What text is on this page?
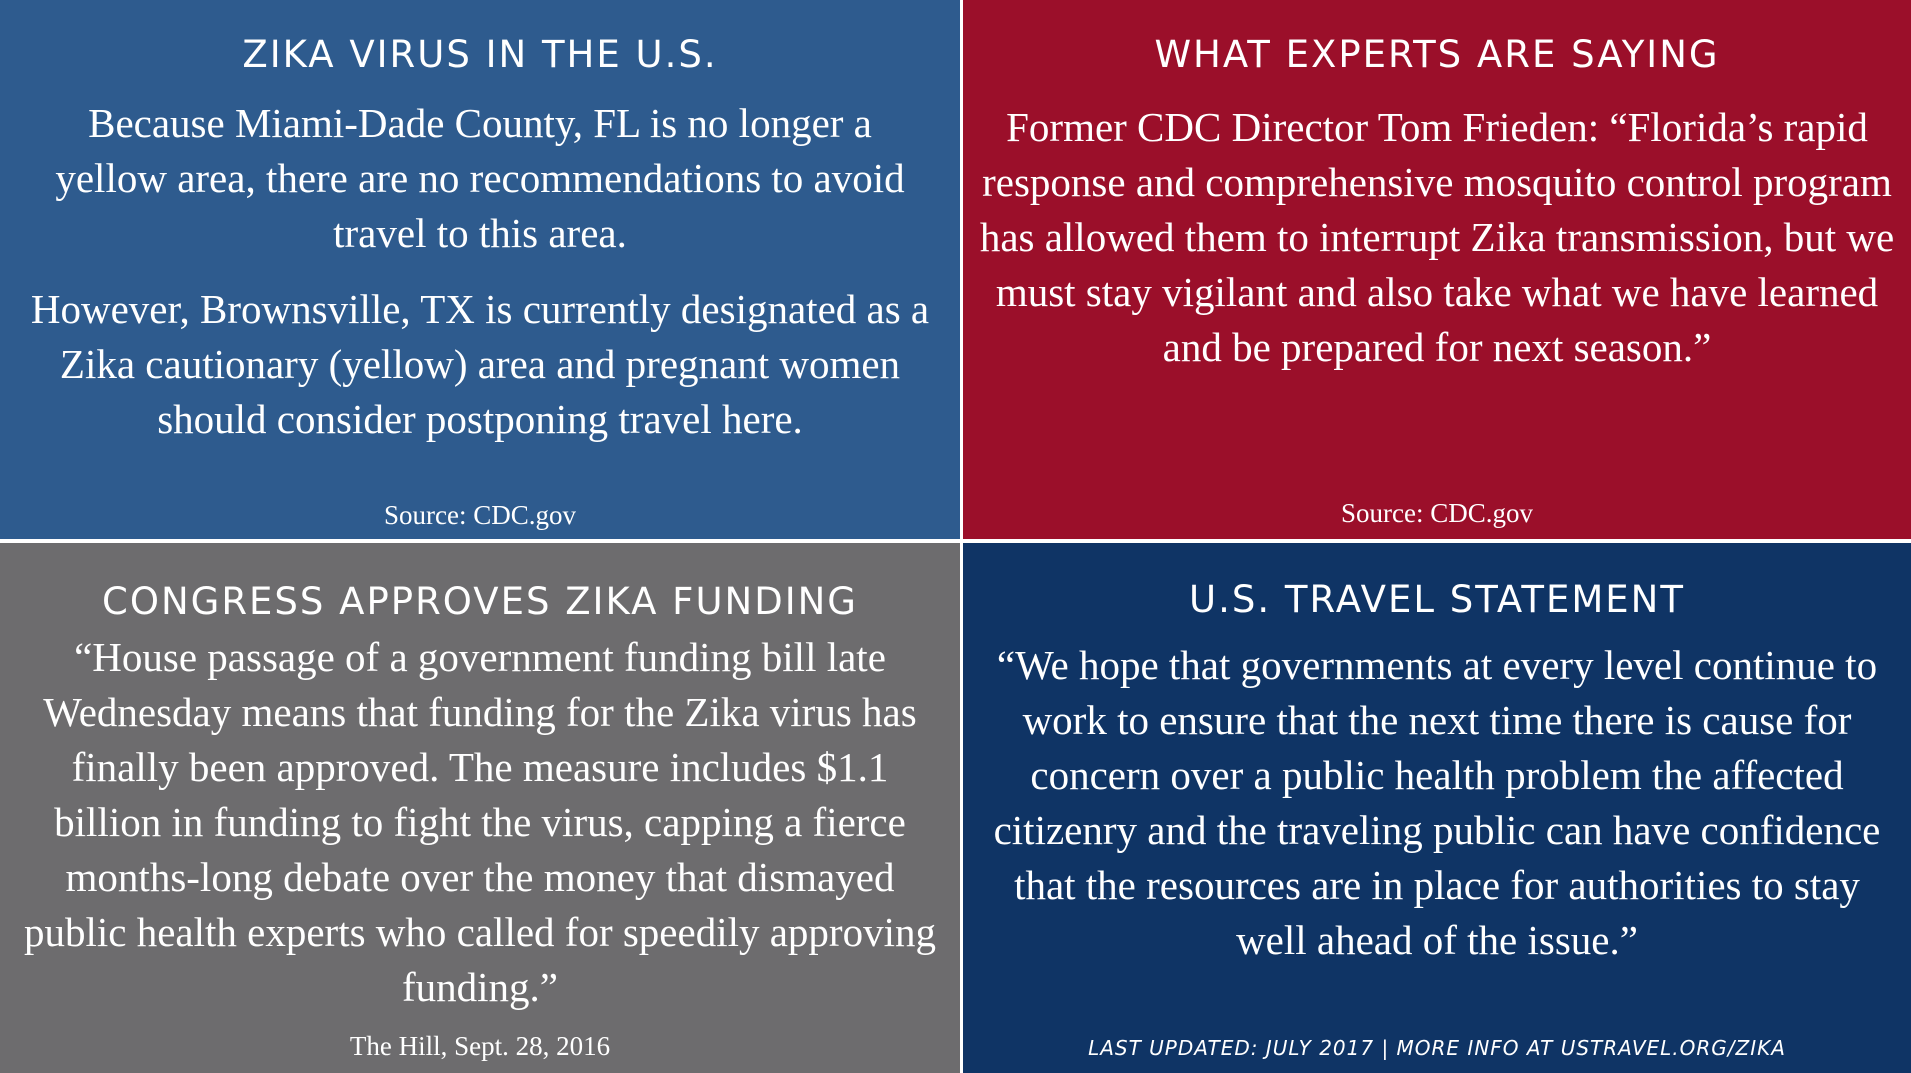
ZIKA VIRUS IN THE U.S.

Because Miami-Dade County, FL is no longer a yellow area, there are no recommendations to avoid travel to this area.

However, Brownsville, TX is currently designated as a Zika cautionary (yellow) area and pregnant women should consider postponing travel here.

Source: CDC.gov

WHAT EXPERTS ARE SAYING

Former CDC Director Tom Frieden: “Florida’s rapid response and comprehensive mosquito control program has allowed them to interrupt Zika transmission, but we must stay vigilant and also take what we have learned and be prepared for next season.”

Source: CDC.gov

CONGRESS APPROVES ZIKA FUNDING

“House passage of a government funding bill late Wednesday means that funding for the Zika virus has finally been approved. The measure includes $1.1 billion in funding to fight the virus, capping a fierce months-long debate over the money that dismayed public health experts who called for speedily approving funding.”

The Hill, Sept. 28, 2016

U.S. TRAVEL STATEMENT

“We hope that governments at every level continue to work to ensure that the next time there is cause for concern over a public health problem the affected citizenry and the traveling public can have confidence that the resources are in place for authorities to stay well ahead of the issue.”

LAST UPDATED: JULY 2017 | MORE INFO AT USTRAVEL.ORG/ZIKA
